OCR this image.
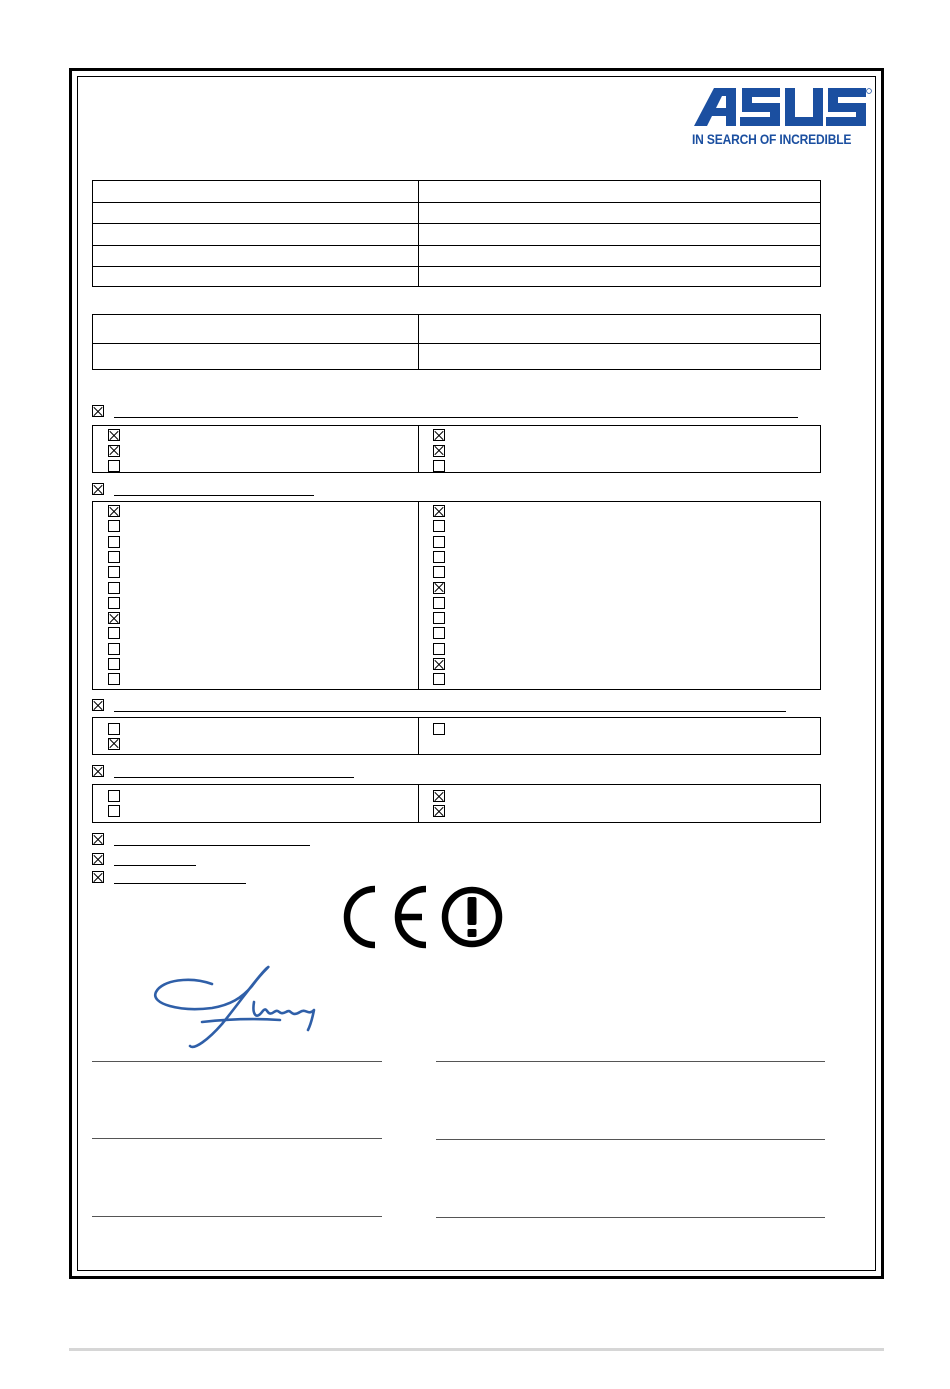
IN SEARCH OF INCREDIBLE
